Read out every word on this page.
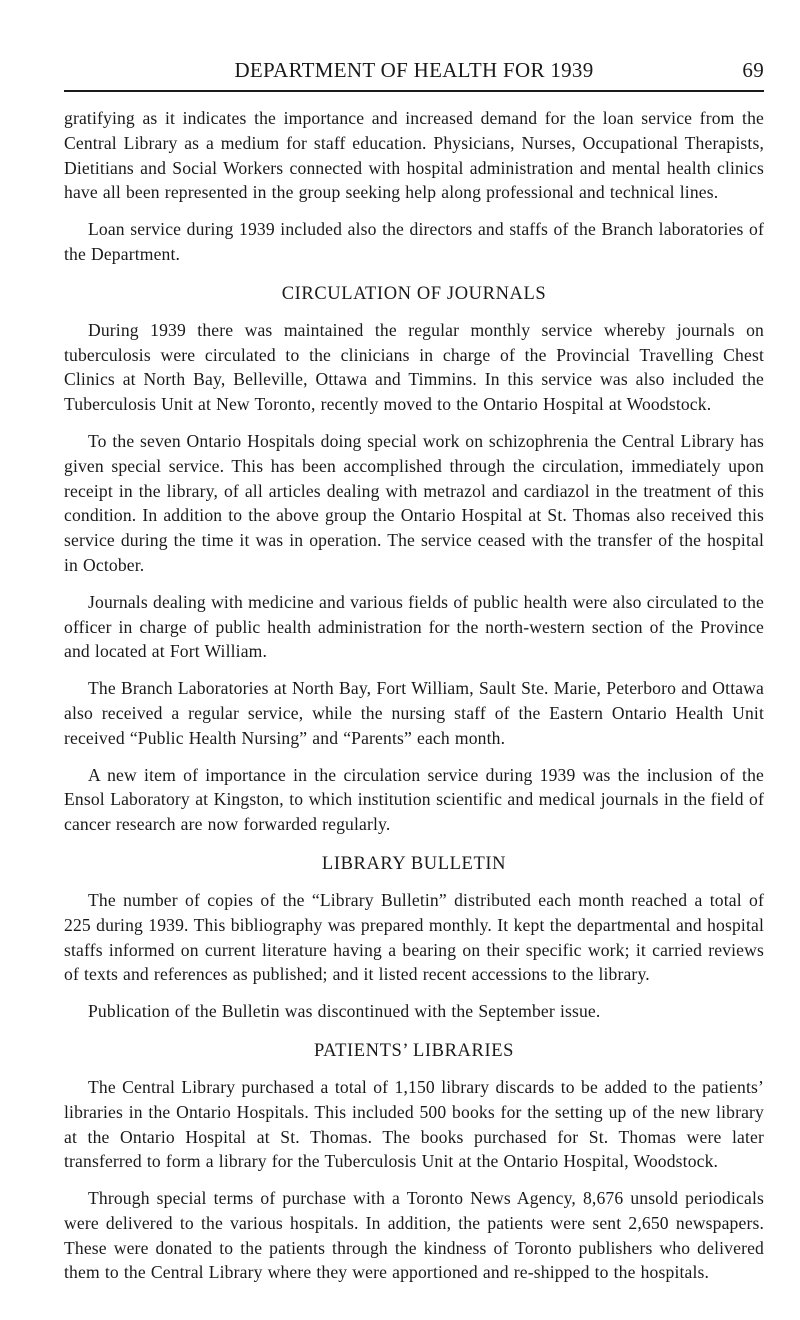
DEPARTMENT OF HEALTH FOR 1939	69

gratifying as it indicates the importance and increased demand for the loan service from the Central Library as a medium for staff education. Physicians, Nurses, Occupational Therapists, Dietitians and Social Workers connected with hospital administration and mental health clinics have all been represented in the group seeking help along professional and technical lines.

Loan service during 1939 included also the directors and staffs of the Branch laboratories of the Department.

CIRCULATION OF JOURNALS

During 1939 there was maintained the regular monthly service whereby journals on tuberculosis were circulated to the clinicians in charge of the Provincial Travelling Chest Clinics at North Bay, Belleville, Ottawa and Timmins. In this service was also included the Tuberculosis Unit at New Toronto, recently moved to the Ontario Hospital at Woodstock.

To the seven Ontario Hospitals doing special work on schizophrenia the Central Library has given special service. This has been accomplished through the circulation, immediately upon receipt in the library, of all articles dealing with metrazol and cardiazol in the treatment of this condition. In addition to the above group the Ontario Hospital at St. Thomas also received this service during the time it was in operation. The service ceased with the transfer of the hospital in October.

Journals dealing with medicine and various fields of public health were also circulated to the officer in charge of public health administration for the north-western section of the Province and located at Fort William.

The Branch Laboratories at North Bay, Fort William, Sault Ste. Marie, Peterboro and Ottawa also received a regular service, while the nursing staff of the Eastern Ontario Health Unit received “Public Health Nursing” and “Parents” each month.

A new item of importance in the circulation service during 1939 was the inclusion of the Ensol Laboratory at Kingston, to which institution scientific and medical journals in the field of cancer research are now forwarded regularly.

LIBRARY BULLETIN

The number of copies of the “Library Bulletin” distributed each month reached a total of 225 during 1939. This bibliography was prepared monthly. It kept the departmental and hospital staffs informed on current literature having a bearing on their specific work; it carried reviews of texts and references as published; and it listed recent accessions to the library.

Publication of the Bulletin was discontinued with the September issue.

PATIENTS’ LIBRARIES

The Central Library purchased a total of 1,150 library discards to be added to the patients’ libraries in the Ontario Hospitals. This included 500 books for the setting up of the new library at the Ontario Hospital at St. Thomas. The books purchased for St. Thomas were later transferred to form a library for the Tuberculosis Unit at the Ontario Hospital, Woodstock.

Through special terms of purchase with a Toronto News Agency, 8,676 unsold periodicals were delivered to the various hospitals. In addition, the patients were sent 2,650 newspapers. These were donated to the patients through the kindness of Toronto publishers who delivered them to the Central Library where they were apportioned and re-shipped to the hospitals.
